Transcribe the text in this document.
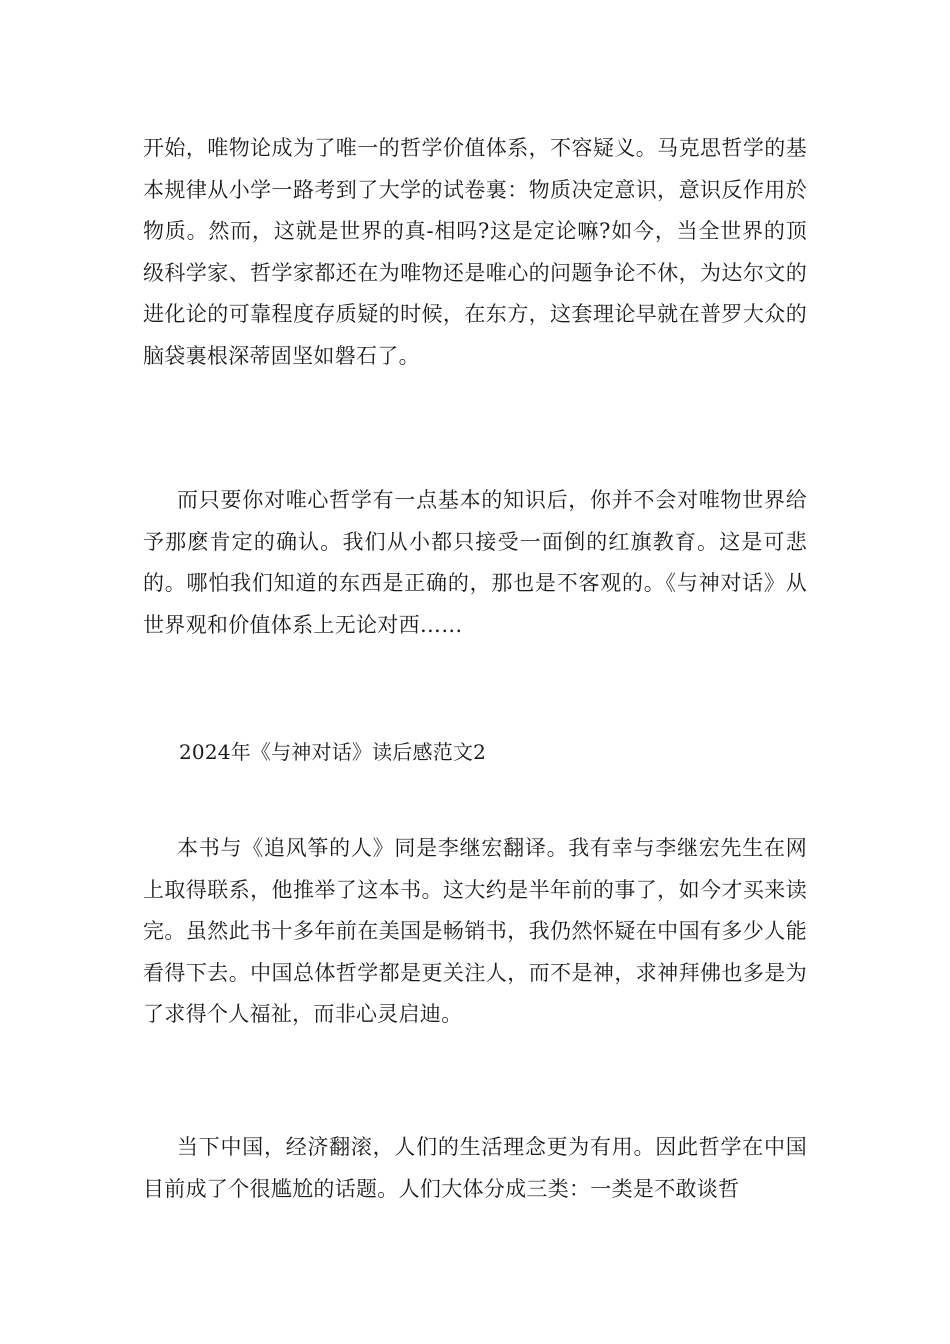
开始，唯物论成为了唯一的哲学价值体系，不容疑义。马克思哲学的基本规律从小学一路考到了大学的试卷裏：物质决定意识，意识反作用於物质。然而，这就是世界的真-相吗?这是定论嘛?如今，当全世界的顶级科学家、哲学家都还在为唯物还是唯心的问题争论不休，为达尔文的进化论的可靠程度存质疑的时候，在东方，这套理论早就在普罗大众的脑袋裏根深蒂固坚如磐石了。

而只要你对唯心哲学有一点基本的知识后，你并不会对唯物世界给予那麽肯定的确认。我们从小都只接受一面倒的红旗教育。这是可悲的。哪怕我们知道的东西是正确的，那也是不客观的。《与神对话》从世界观和价值体系上无论对西……

2024年《与神对话》读后感范文2

本书与《追风筝的人》同是李继宏翻译。我有幸与李继宏先生在网上取得联系，他推举了这本书。这大约是半年前的事了，如今才买来读完。虽然此书十多年前在美国是畅销书，我仍然怀疑在中国有多少人能看得下去。中国总体哲学都是更关注人，而不是神，求神拜佛也多是为了求得个人福祉，而非心灵启迪。

当下中国，经济翻滚，人们的生活理念更为有用。因此哲学在中国目前成了个很尴尬的话题。人们大体分成三类：一类是不敢谈哲
